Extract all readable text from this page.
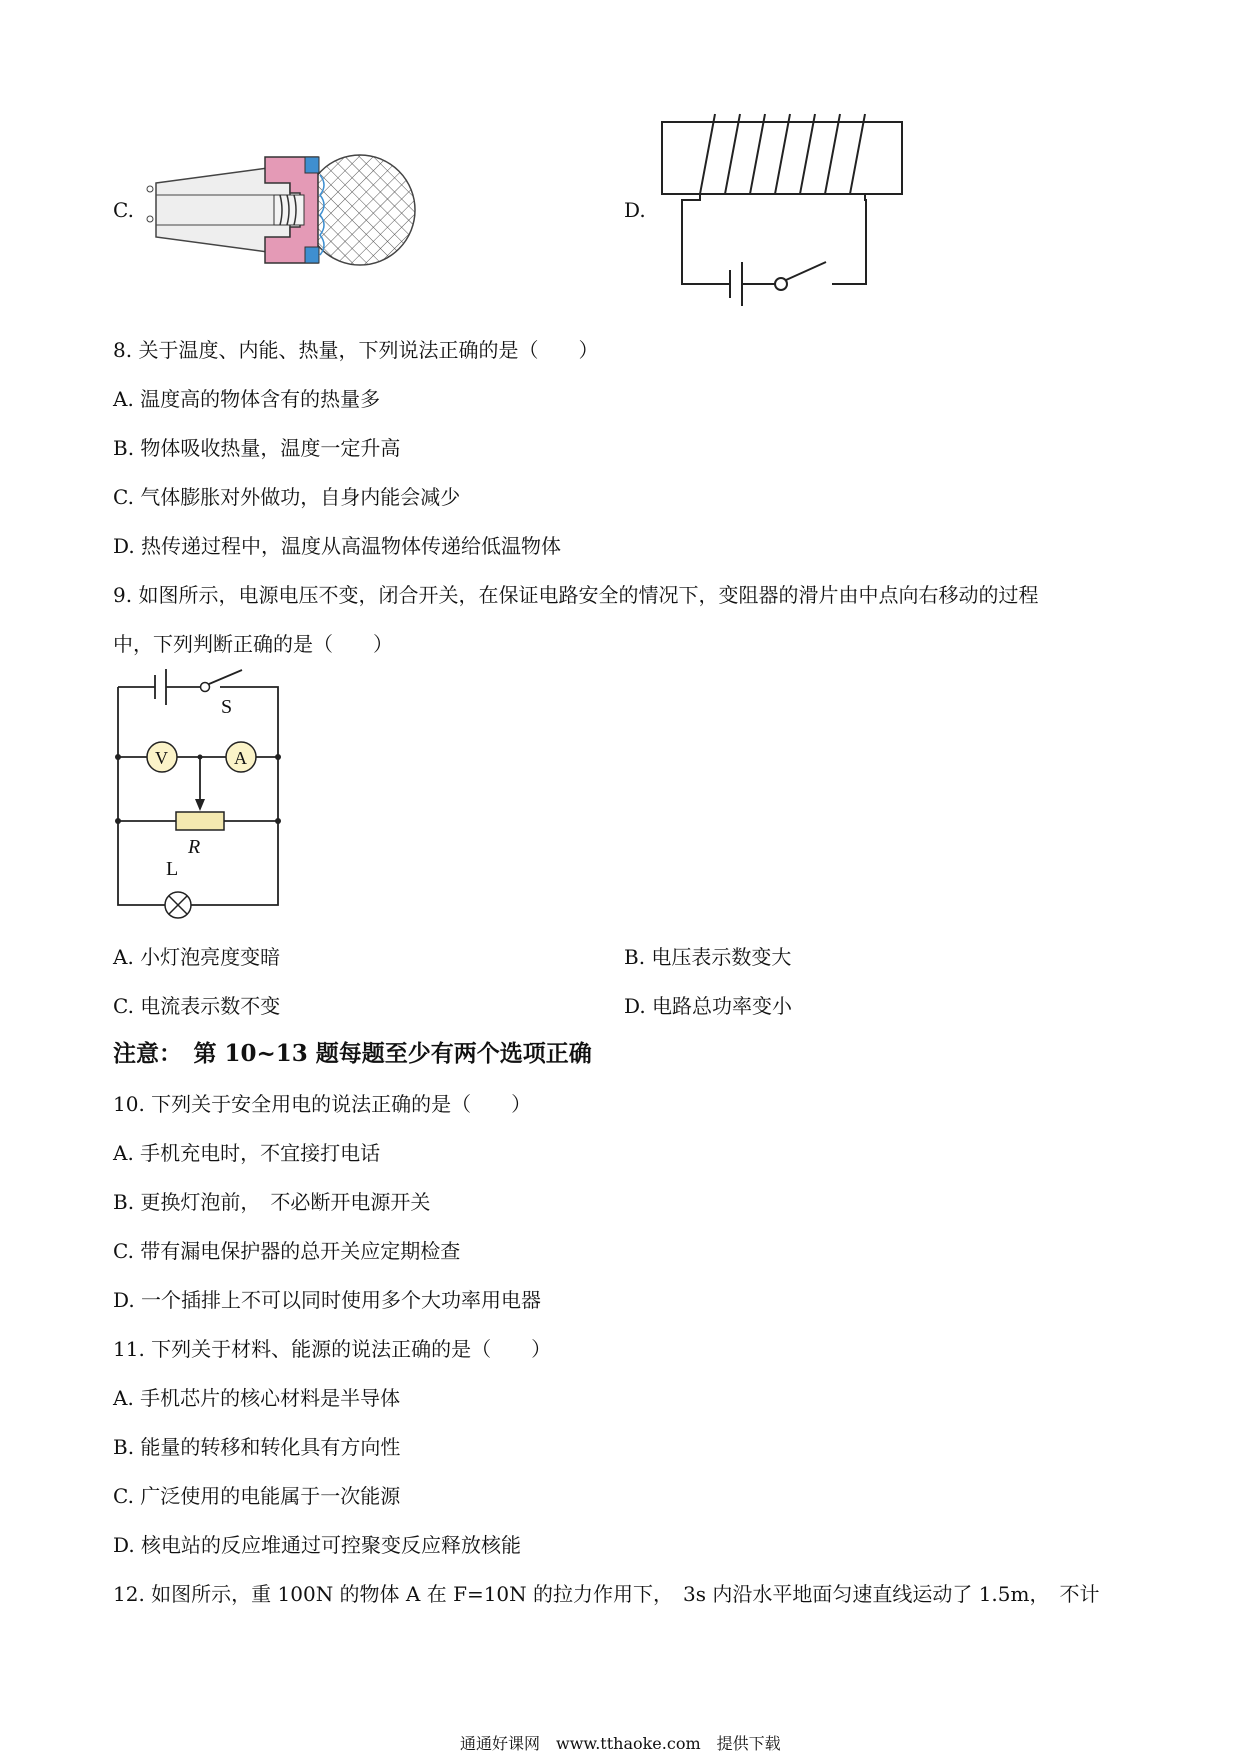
C.	D.
8. 关于温度、内能、热量，下列说法正确的是（　　）
A. 温度高的物体含有的热量多
B. 物体吸收热量，温度一定升高
C. 气体膨胀对外做功，自身内能会减少
D. 热传递过程中，温度从高温物体传递给低温物体
9. 如图所示，电源电压不变，闭合开关，在保证电路安全的情况下，变阻器的滑片由中点向右移动的过程
中，下列判断正确的是（　　）
S
V	A
R
L
A. 小灯泡亮度变暗	B. 电压表示数变大
C. 电流表示数不变	D. 电路总功率变小
注意：　第 10~13 题每题至少有两个选项正确
10. 下列关于安全用电的说法正确的是（　　）
A. 手机充电时，不宜接打电话
B. 更换灯泡前，　不必断开电源开关
C. 带有漏电保护器的总开关应定期检查
D. 一个插排上不可以同时使用多个大功率用电器
11. 下列关于材料、能源的说法正确的是（　　）
A. 手机芯片的核心材料是半导体
B. 能量的转移和转化具有方向性
C. 广泛使用的电能属于一次能源
D. 核电站的反应堆通过可控聚变反应释放核能
12. 如图所示，重 100N 的物体 A 在 F=10N 的拉力作用下，　3s 内沿水平地面匀速直线运动了 1.5m，　不计
通通好课网　www.tthaoke.com　提供下载
